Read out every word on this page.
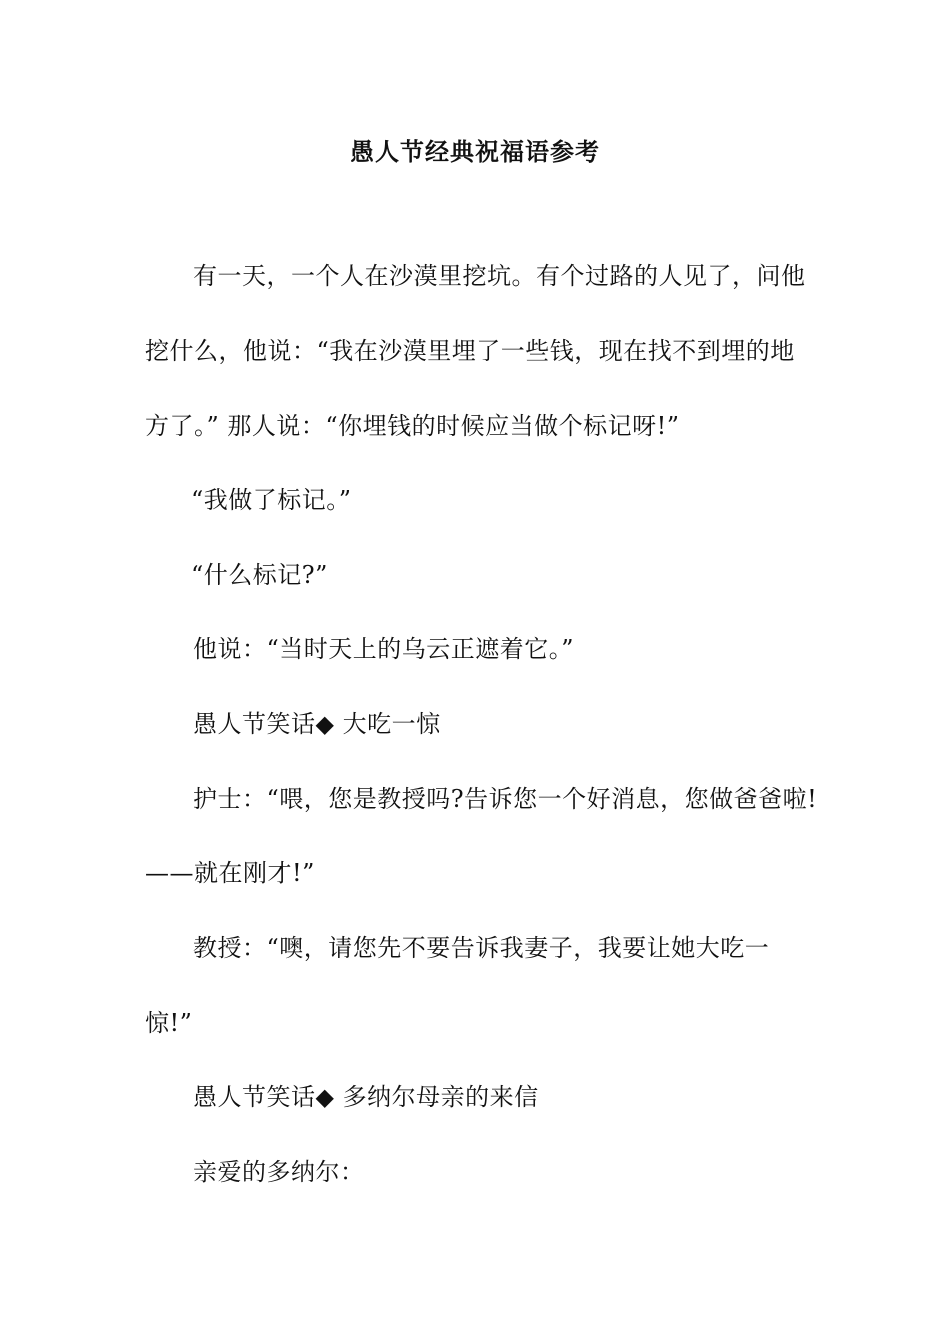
愚人节经典祝福语参考
有一天，一个人在沙漠里挖坑。有个过路的人见了，问他
挖什么，他说：“我在沙漠里埋了一些钱，现在找不到埋的地
方了。” 那人说：“你埋钱的时候应当做个标记呀!”
“我做了标记。”
“什么标记?”
他说：“当时天上的乌云正遮着它。”
愚人节笑话◆ 大吃一惊
护士：“喂，您是教授吗?告诉您一个好消息，您做爸爸啦!
——就在刚才!”
教授：“噢，请您先不要告诉我妻子，我要让她大吃一
惊!”
愚人节笑话◆ 多纳尔母亲的来信
亲爱的多纳尔：
